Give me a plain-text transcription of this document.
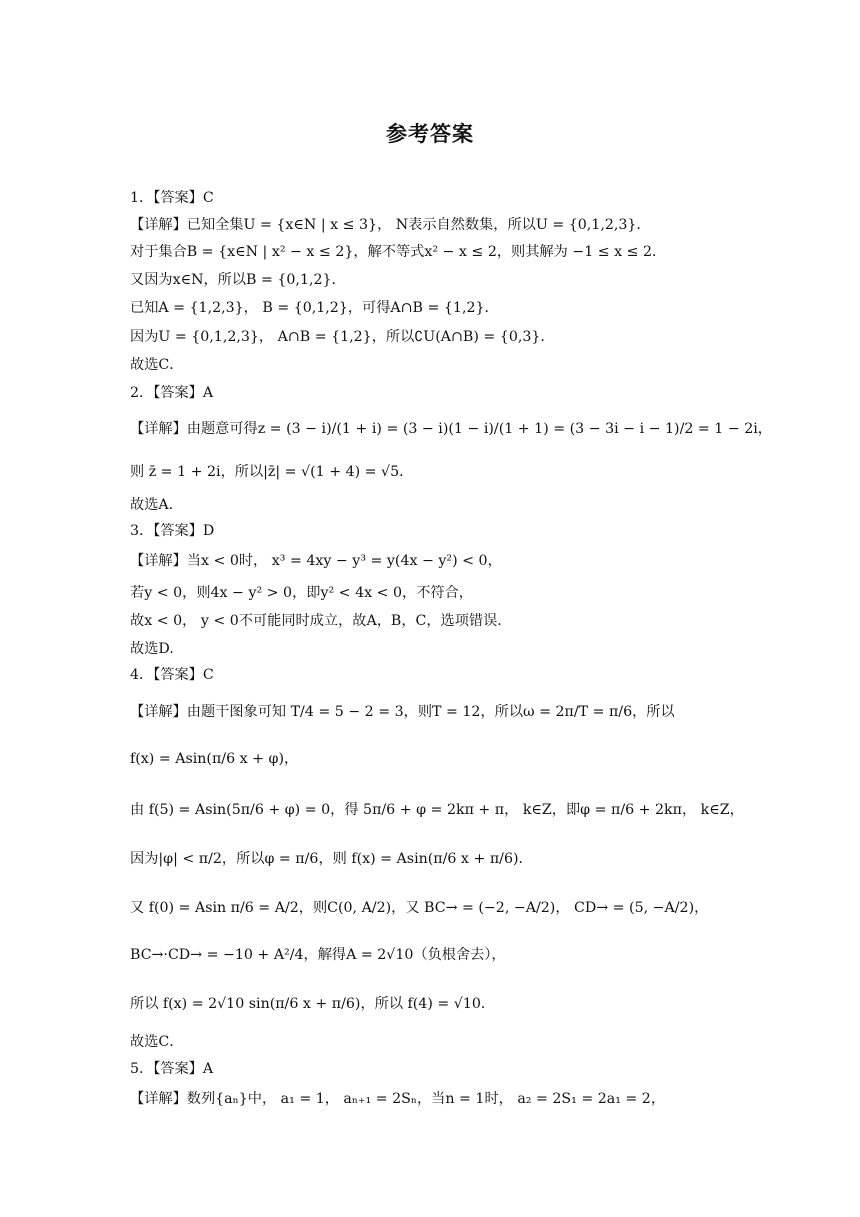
参考答案
1．【答案】C
【详解】已知全集U = {x∈N | x ≤ 3}， N表示自然数集，所以U = {0,1,2,3}．
对于集合B = {x∈N | x² − x ≤ 2}，解不等式x² − x ≤ 2，则其解为 −1 ≤ x ≤ 2．
又因为x∈N，所以B = {0,1,2}．
已知A = {1,2,3}， B = {0,1,2}，可得A∩B = {1,2}．
因为U = {0,1,2,3}， A∩B = {1,2}，所以∁U(A∩B) = {0,3}．
故选C．
2．【答案】A
【详解】由题意可得z = (3 − i)/(1 + i) = (3 − i)(1 − i)/(1 + 1) = (3 − 3i − i − 1)/2 = 1 − 2i，
则 z̄ = 1 + 2i，所以|z̄| = √(1 + 4) = √5．
故选A.
3．【答案】D
【详解】当x < 0时， x³ = 4xy − y³ = y(4x − y²) < 0，
若y < 0，则4x − y² > 0，即y² < 4x < 0，不符合，
故x < 0， y < 0不可能同时成立，故A，B，C，选项错误.
故选D.
4．【答案】C
【详解】由题干图象可知 T/4 = 5 − 2 = 3，则T = 12，所以ω = 2π/T = π/6，所以
f(x) = Asin(π/6 x + φ)，
由 f(5) = Asin(5π/6 + φ) = 0，得 5π/6 + φ = 2kπ + π， k∈Z，即φ = π/6 + 2kπ， k∈Z，
因为|φ| < π/2，所以φ = π/6，则 f(x) = Asin(π/6 x + π/6)．
又 f(0) = Asin π/6 = A/2，则C(0, A/2)，又 BC→ = (−2, −A/2)， CD→ = (5, −A/2)，
BC→·CD→ = −10 + A²/4，解得A = 2√10（负根舍去），
所以 f(x) = 2√10 sin(π/6 x + π/6)，所以 f(4) = √10．
故选C．
5．【答案】A
【详解】数列{aₙ}中， a₁ = 1， aₙ₊₁ = 2Sₙ，当n = 1时， a₂ = 2S₁ = 2a₁ = 2，
